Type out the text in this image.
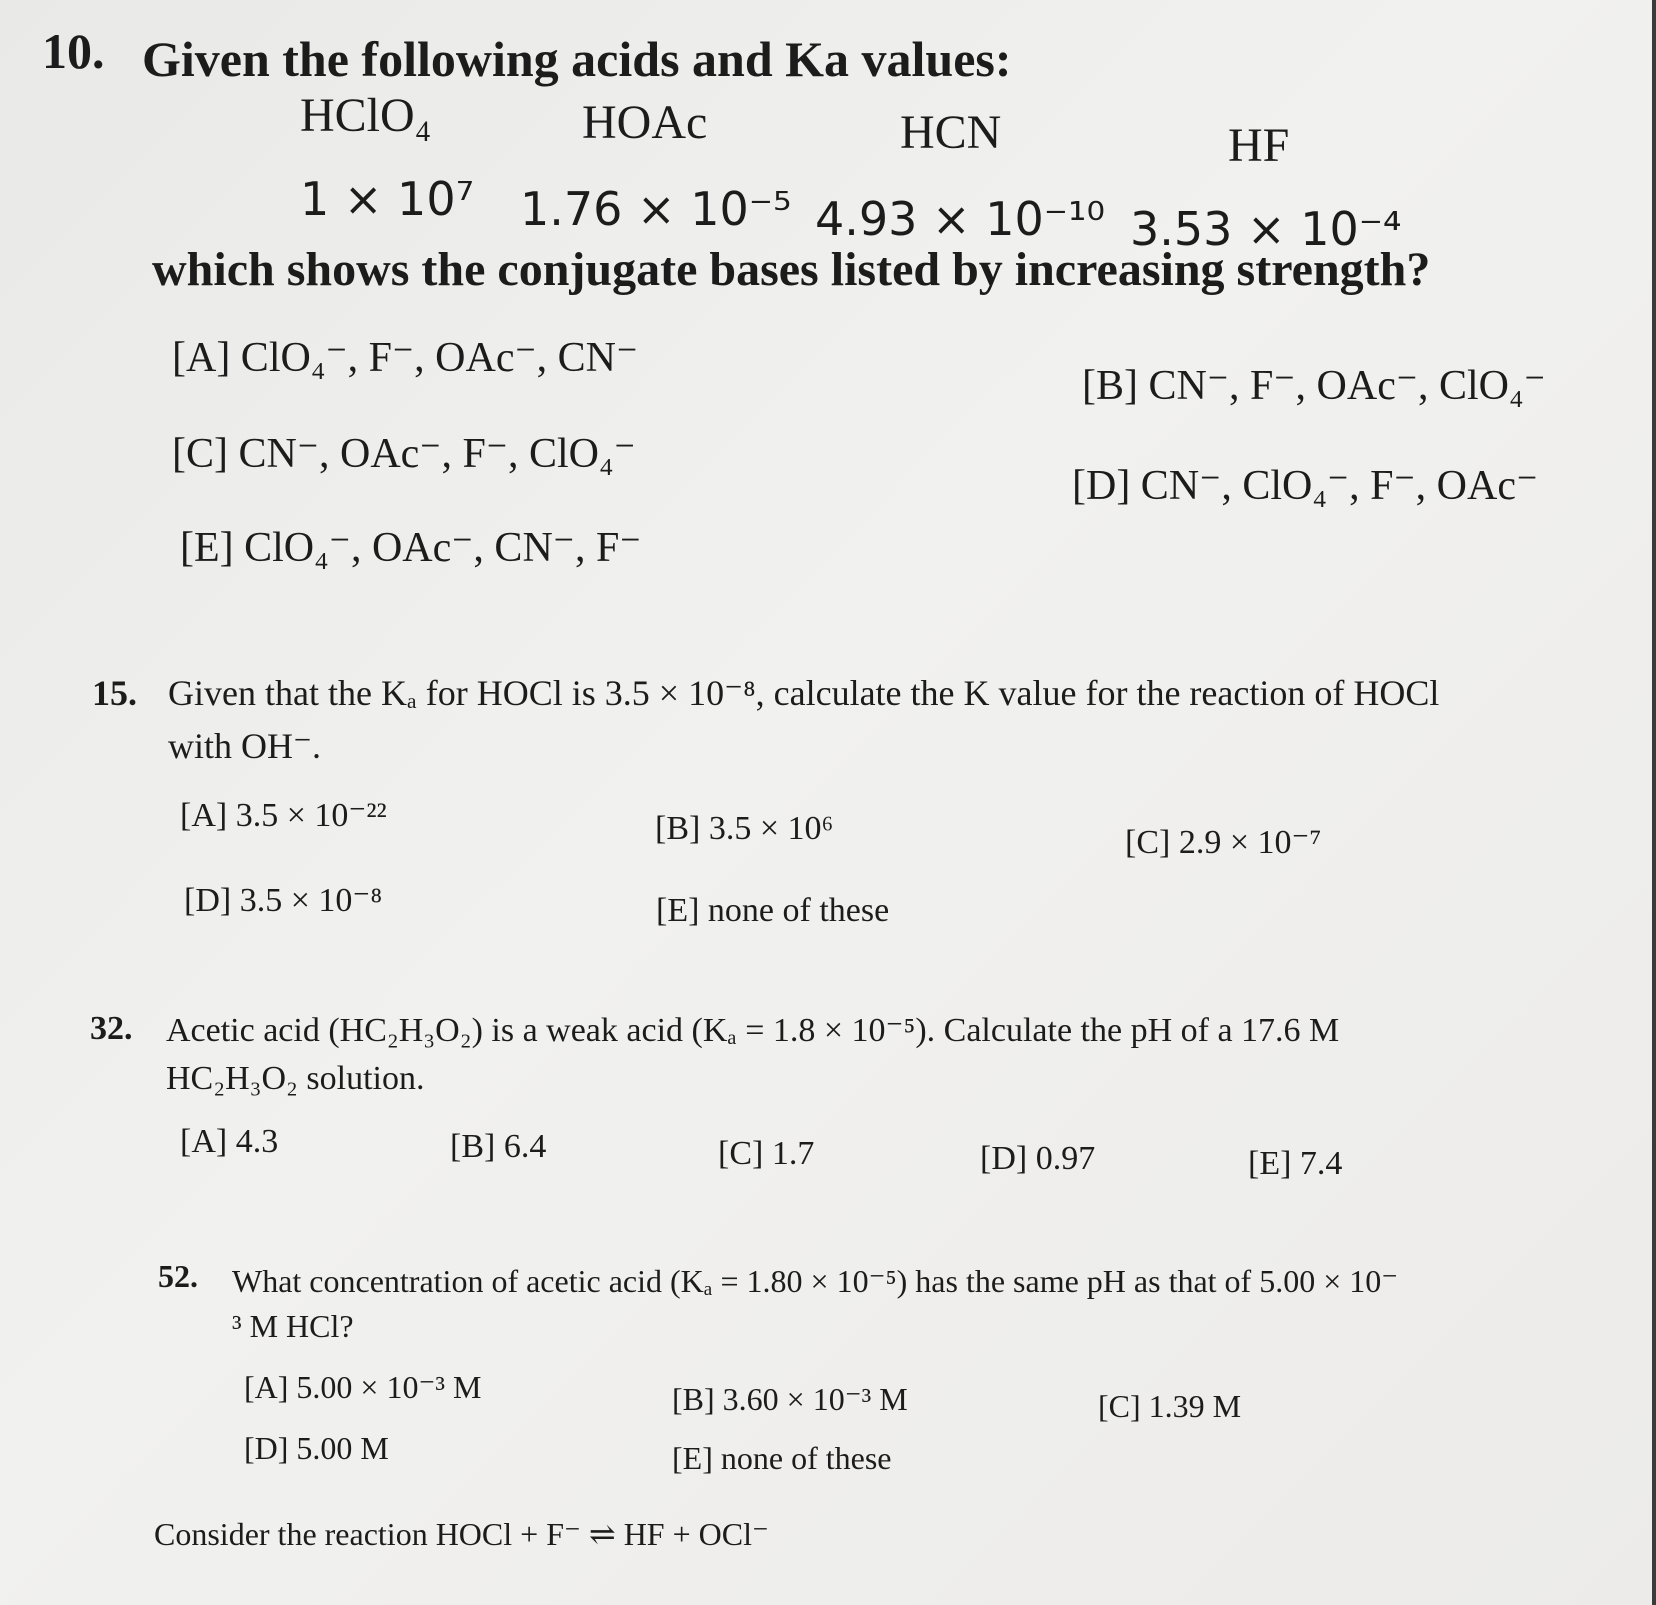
10. Given the following acids and Ka values:
HClO₄	HOAc	HCN	HF
1 × 10⁷ 1.76 × 10⁻⁵ 4.93 × 10⁻¹⁰ 3.53 × 10⁻⁴
which shows the conjugate bases listed by increasing strength?
[A] ClO₄⁻, F⁻, OAc⁻, CN⁻
[B] CN⁻, F⁻, OAc⁻, ClO₄⁻
[C] CN⁻, OAc⁻, F⁻, ClO₄⁻
[D] CN⁻, ClO₄⁻, F⁻, OAc⁻
[E] ClO₄⁻, OAc⁻, CN⁻, F⁻
15. Given that the Kₐ for HOCl is 3.5 × 10⁻⁸, calculate the K value for the reaction of HOCl
with OH⁻.
[A] 3.5 × 10⁻²²	[B] 3.5 × 10⁶	[C] 2.9 × 10⁻⁷
[D] 3.5 × 10⁻⁸	[E] none of these
32. Acetic acid (HC₂H₃O₂) is a weak acid (Kₐ = 1.8 × 10⁻⁵). Calculate the pH of a 17.6 M
HC₂H₃O₂ solution.
[A] 4.3	[B] 6.4	[C] 1.7	[D] 0.97	[E] 7.4
52. What concentration of acetic acid (Kₐ = 1.80 × 10⁻⁵) has the same pH as that of 5.00 × 10⁻
³ M HCl?
[A] 5.00 × 10⁻³ M	[B] 3.60 × 10⁻³ M	[C] 1.39 M
[D] 5.00 M	[E] none of these
Consider the reaction HOCl + F⁻ ⇌ HF + OCl⁻
